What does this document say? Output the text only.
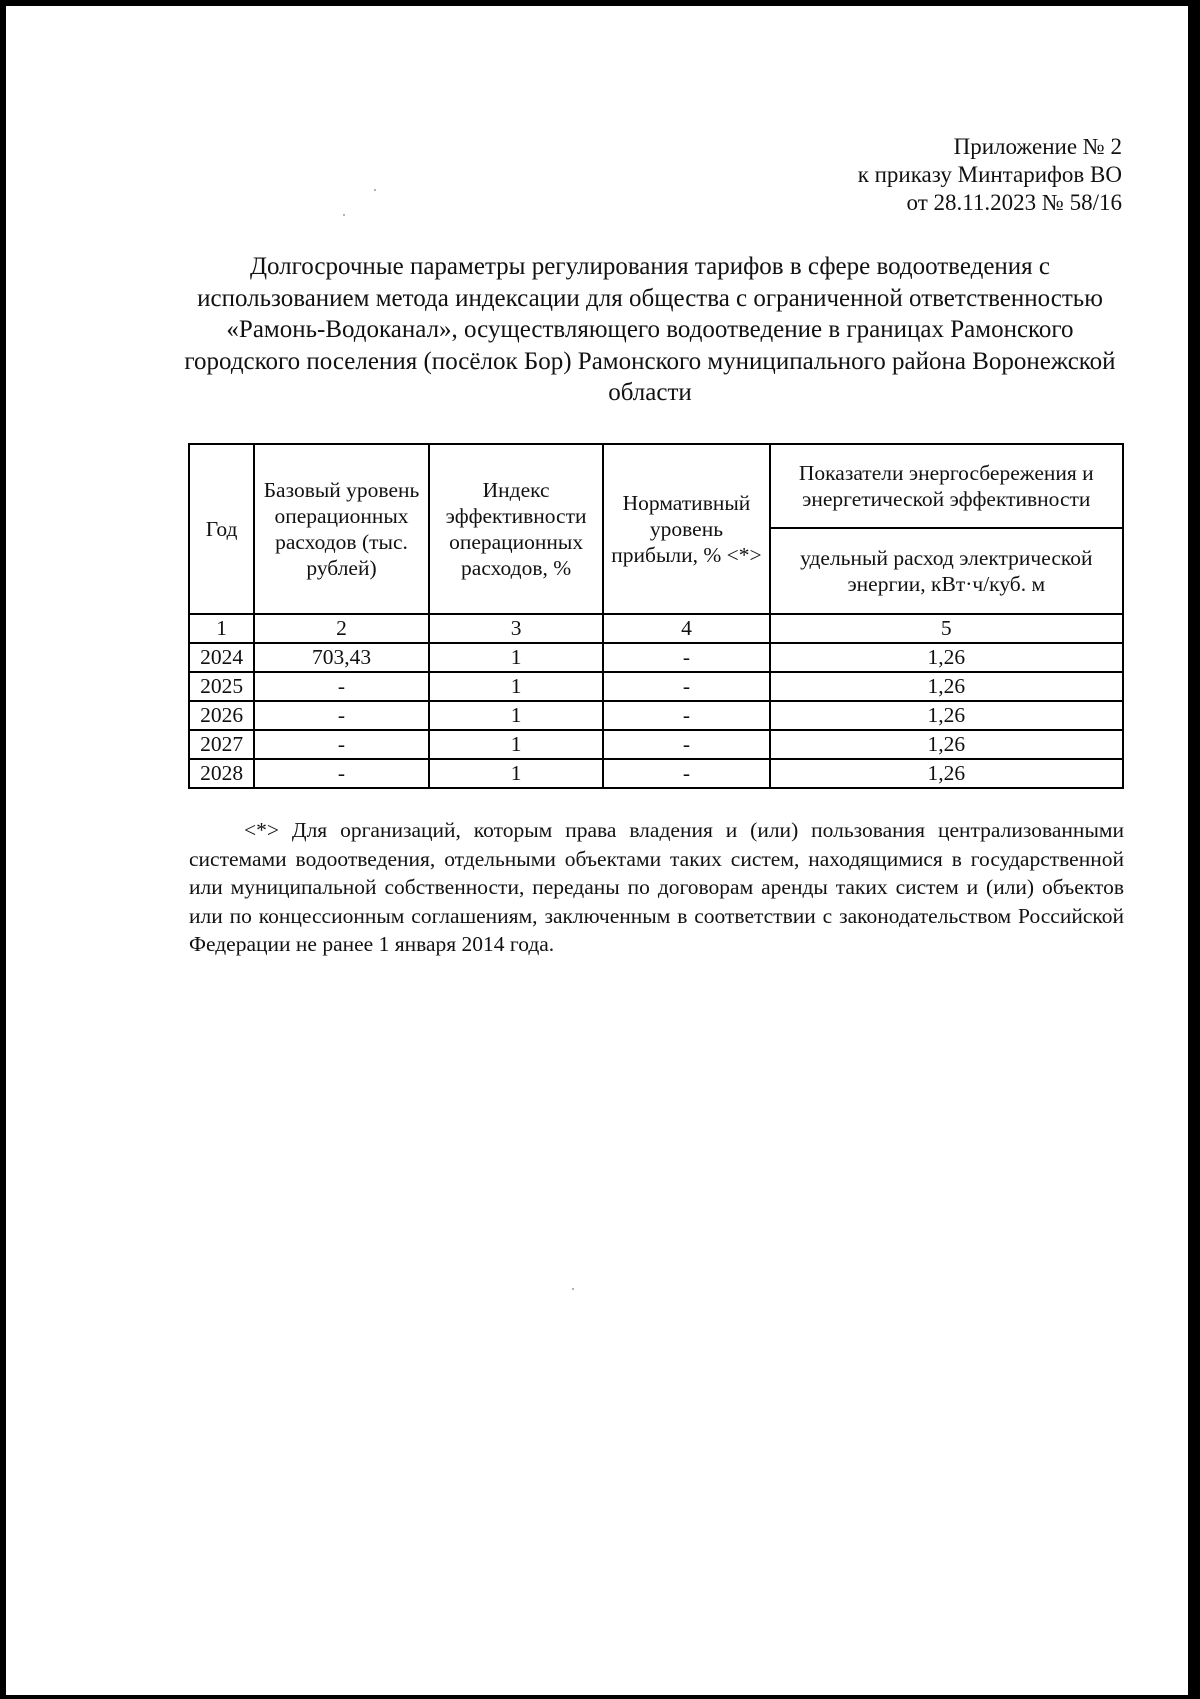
Приложение № 2
к приказу Минтарифов ВО
от 28.11.2023 № 58/16
Долгосрочные параметры регулирования тарифов в сфере водоотведения с использованием метода индексации для общества с ограниченной ответственностью «Рамонь-Водоканал», осуществляющего водоотведение в границах Рамонского городского поселения (посёлок Бор) Рамонского муниципального района Воронежской области
Год	Базовый уровень операционных расходов (тыс. рублей)	Индекс эффективности операционных расходов, %	Нормативный уровень прибыли, % <*>	Показатели энергосбережения и энергетической эффективности
				удельный расход электрической энергии, кВт·ч/куб. м
1	2	3	4	5
2024	703,43	1	-	1,26
2025	-	1	-	1,26
2026	-	1	-	1,26
2027	-	1	-	1,26
2028	-	1	-	1,26

<*> Для организаций, которым права владения и (или) пользования централизованными системами водоотведения, отдельными объектами таких систем, находящимися в государственной или муниципальной собственности, переданы по договорам аренды таких систем и (или) объектов или по концессионным соглашениям, заключенным в соответствии с законодательством Российской Федерации не ранее 1 января 2014 года.
